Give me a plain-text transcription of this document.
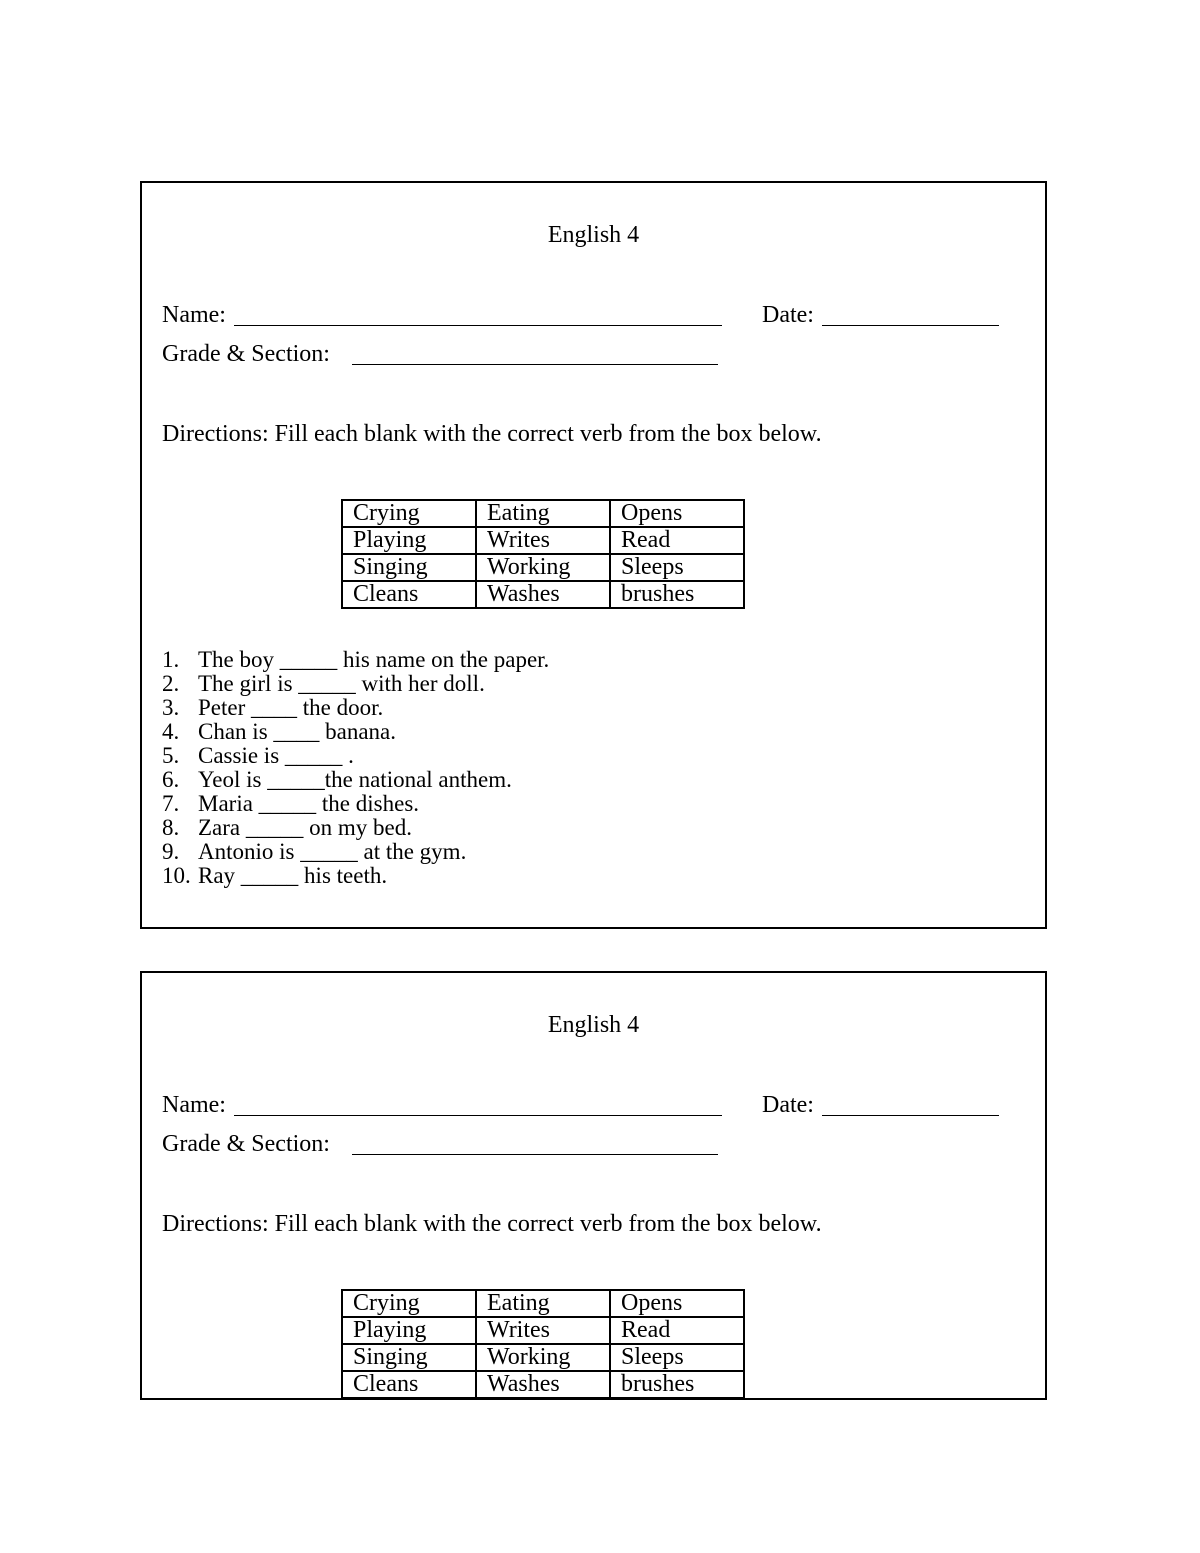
English 4
Name:	Date:
Grade & Section:
Directions: Fill each blank with the correct verb from the box below.
Crying	Eating	Opens
Playing	Writes	Read
Singing	Working	Sleeps
Cleans	Washes	brushes
1. The boy _____ his name on the paper.
2. The girl is _____ with her doll.
3. Peter ____ the door.
4. Chan is ____ banana.
5. Cassie is _____ .
6. Yeol is _____the national anthem.
7. Maria _____ the dishes.
8. Zara _____ on my bed.
9. Antonio is _____ at the gym.
10. Ray _____ his teeth.
English 4
Name:	Date:
Grade & Section:
Directions: Fill each blank with the correct verb from the box below.
Crying	Eating	Opens
Playing	Writes	Read
Singing	Working	Sleeps
Cleans	Washes	brushes
